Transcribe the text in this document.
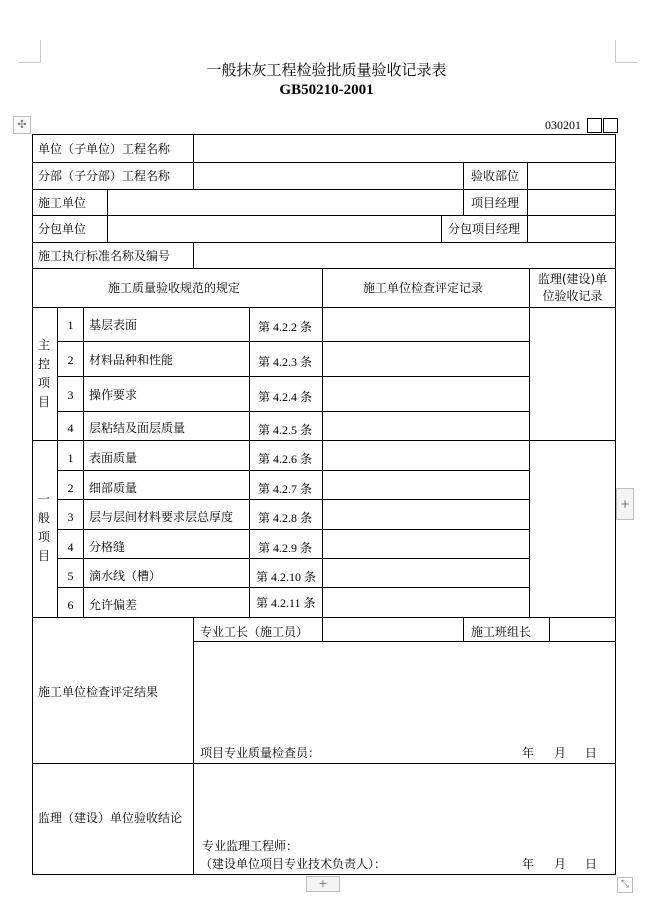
一般抹灰工程检验批质量验收记录表
GB50210-2001
✣	030201
单位（子单位）工程名称
分部（子分部）工程名称	验收部位
施工单位	项目经理
分包单位	分包项目经理
施工执行标准名称及编号
施工质量验收规范的规定	施工单位检查评定记录
监理(建设)单
位验收记录
主控项目
1	基层表面	第 4.2.2 条
2	材料品种和性能	第 4.2.3 条
3	操作要求	第 4.2.4 条
4	层粘结及面层质量	第 4.2.5 条
一般项目
1	表面质量	第 4.2.6 条
2	细部质量	第 4.2.7 条
3	层与层间材料要求层总厚度 第 4.2.8 条
4	分格缝	第 4.2.9 条
5	滴水线（槽）	第 4.2.10 条
6	允许偏差	第 4.2.11 条
专业工长（施工员）	施工班组长
施工单位检查评定结果
项目专业质量检查员：	年 月 日
监理（建设）单位验收结论
专业监理工程师：
（建设单位项目专业技术负责人）：	年 月 日
+
+	⤡
